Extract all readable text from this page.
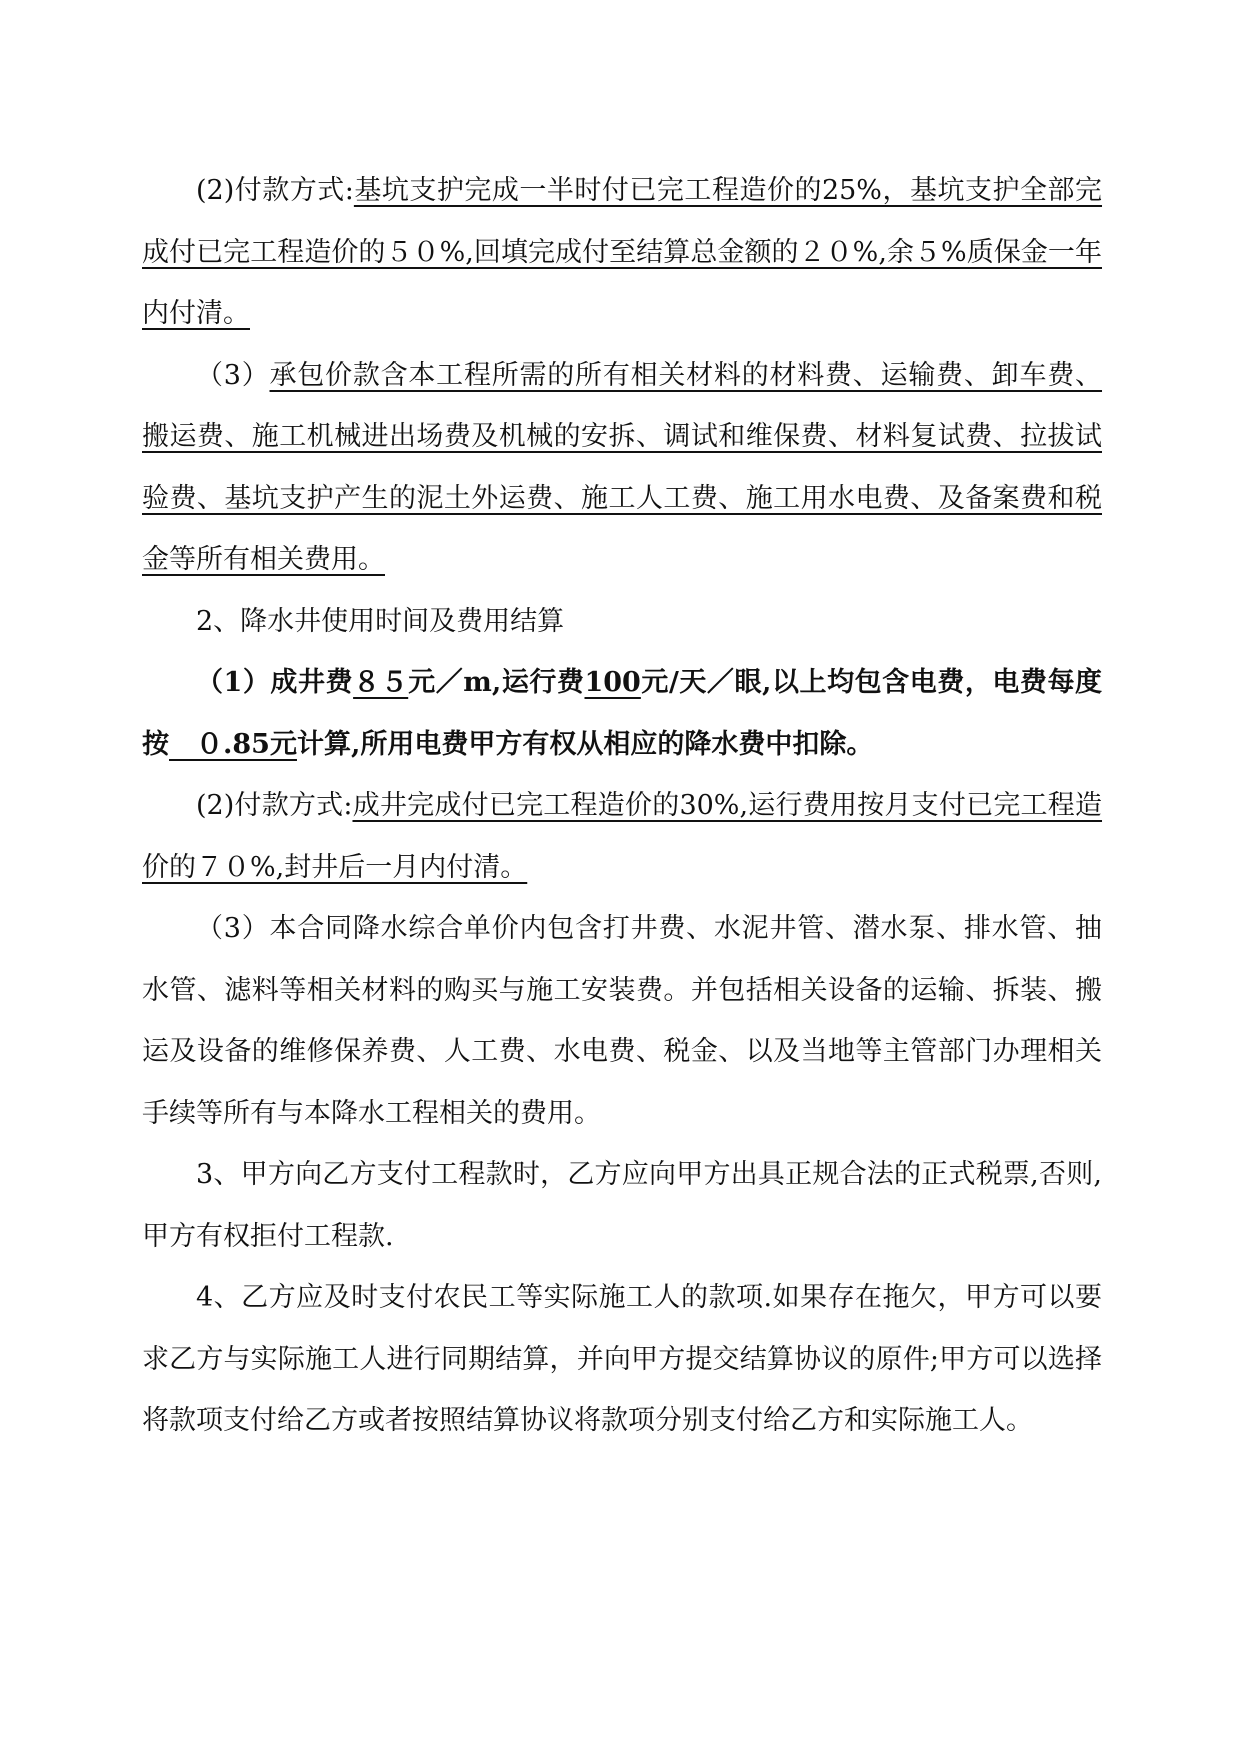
(2)付款方式:基坑支护完成一半时付已完工程造价的25%，基坑支护全部完成付已完工程造价的５０%,回填完成付至结算总金额的２０%,余５%质保金一年内付清。

（3）承包价款含本工程所需的所有相关材料的材料费、运输费、卸车费、搬运费、施工机械进出场费及机械的安拆、调试和维保费、材料复试费、拉拔试验费、基坑支护产生的泥土外运费、施工人工费、施工用水电费、及备案费和税金等所有相关费用。

2、降水井使用时间及费用结算

（1）成井费８５元／m,运行费100元/天／眼,以上均包含电费，电费每度按　０.85元计算,所用电费甲方有权从相应的降水费中扣除。

(2)付款方式:成井完成付已完工程造价的30%,运行费用按月支付已完工程造价的７０%,封井后一月内付清。

（3）本合同降水综合单价内包含打井费、水泥井管、潜水泵、排水管、抽水管、滤料等相关材料的购买与施工安装费。并包括相关设备的运输、拆装、搬运及设备的维修保养费、人工费、水电费、税金、以及当地等主管部门办理相关手续等所有与本降水工程相关的费用。

3、甲方向乙方支付工程款时，乙方应向甲方出具正规合法的正式税票,否则,甲方有权拒付工程款.

4、乙方应及时支付农民工等实际施工人的款项.如果存在拖欠，甲方可以要求乙方与实际施工人进行同期结算，并向甲方提交结算协议的原件;甲方可以选择将款项支付给乙方或者按照结算协议将款项分别支付给乙方和实际施工人。
